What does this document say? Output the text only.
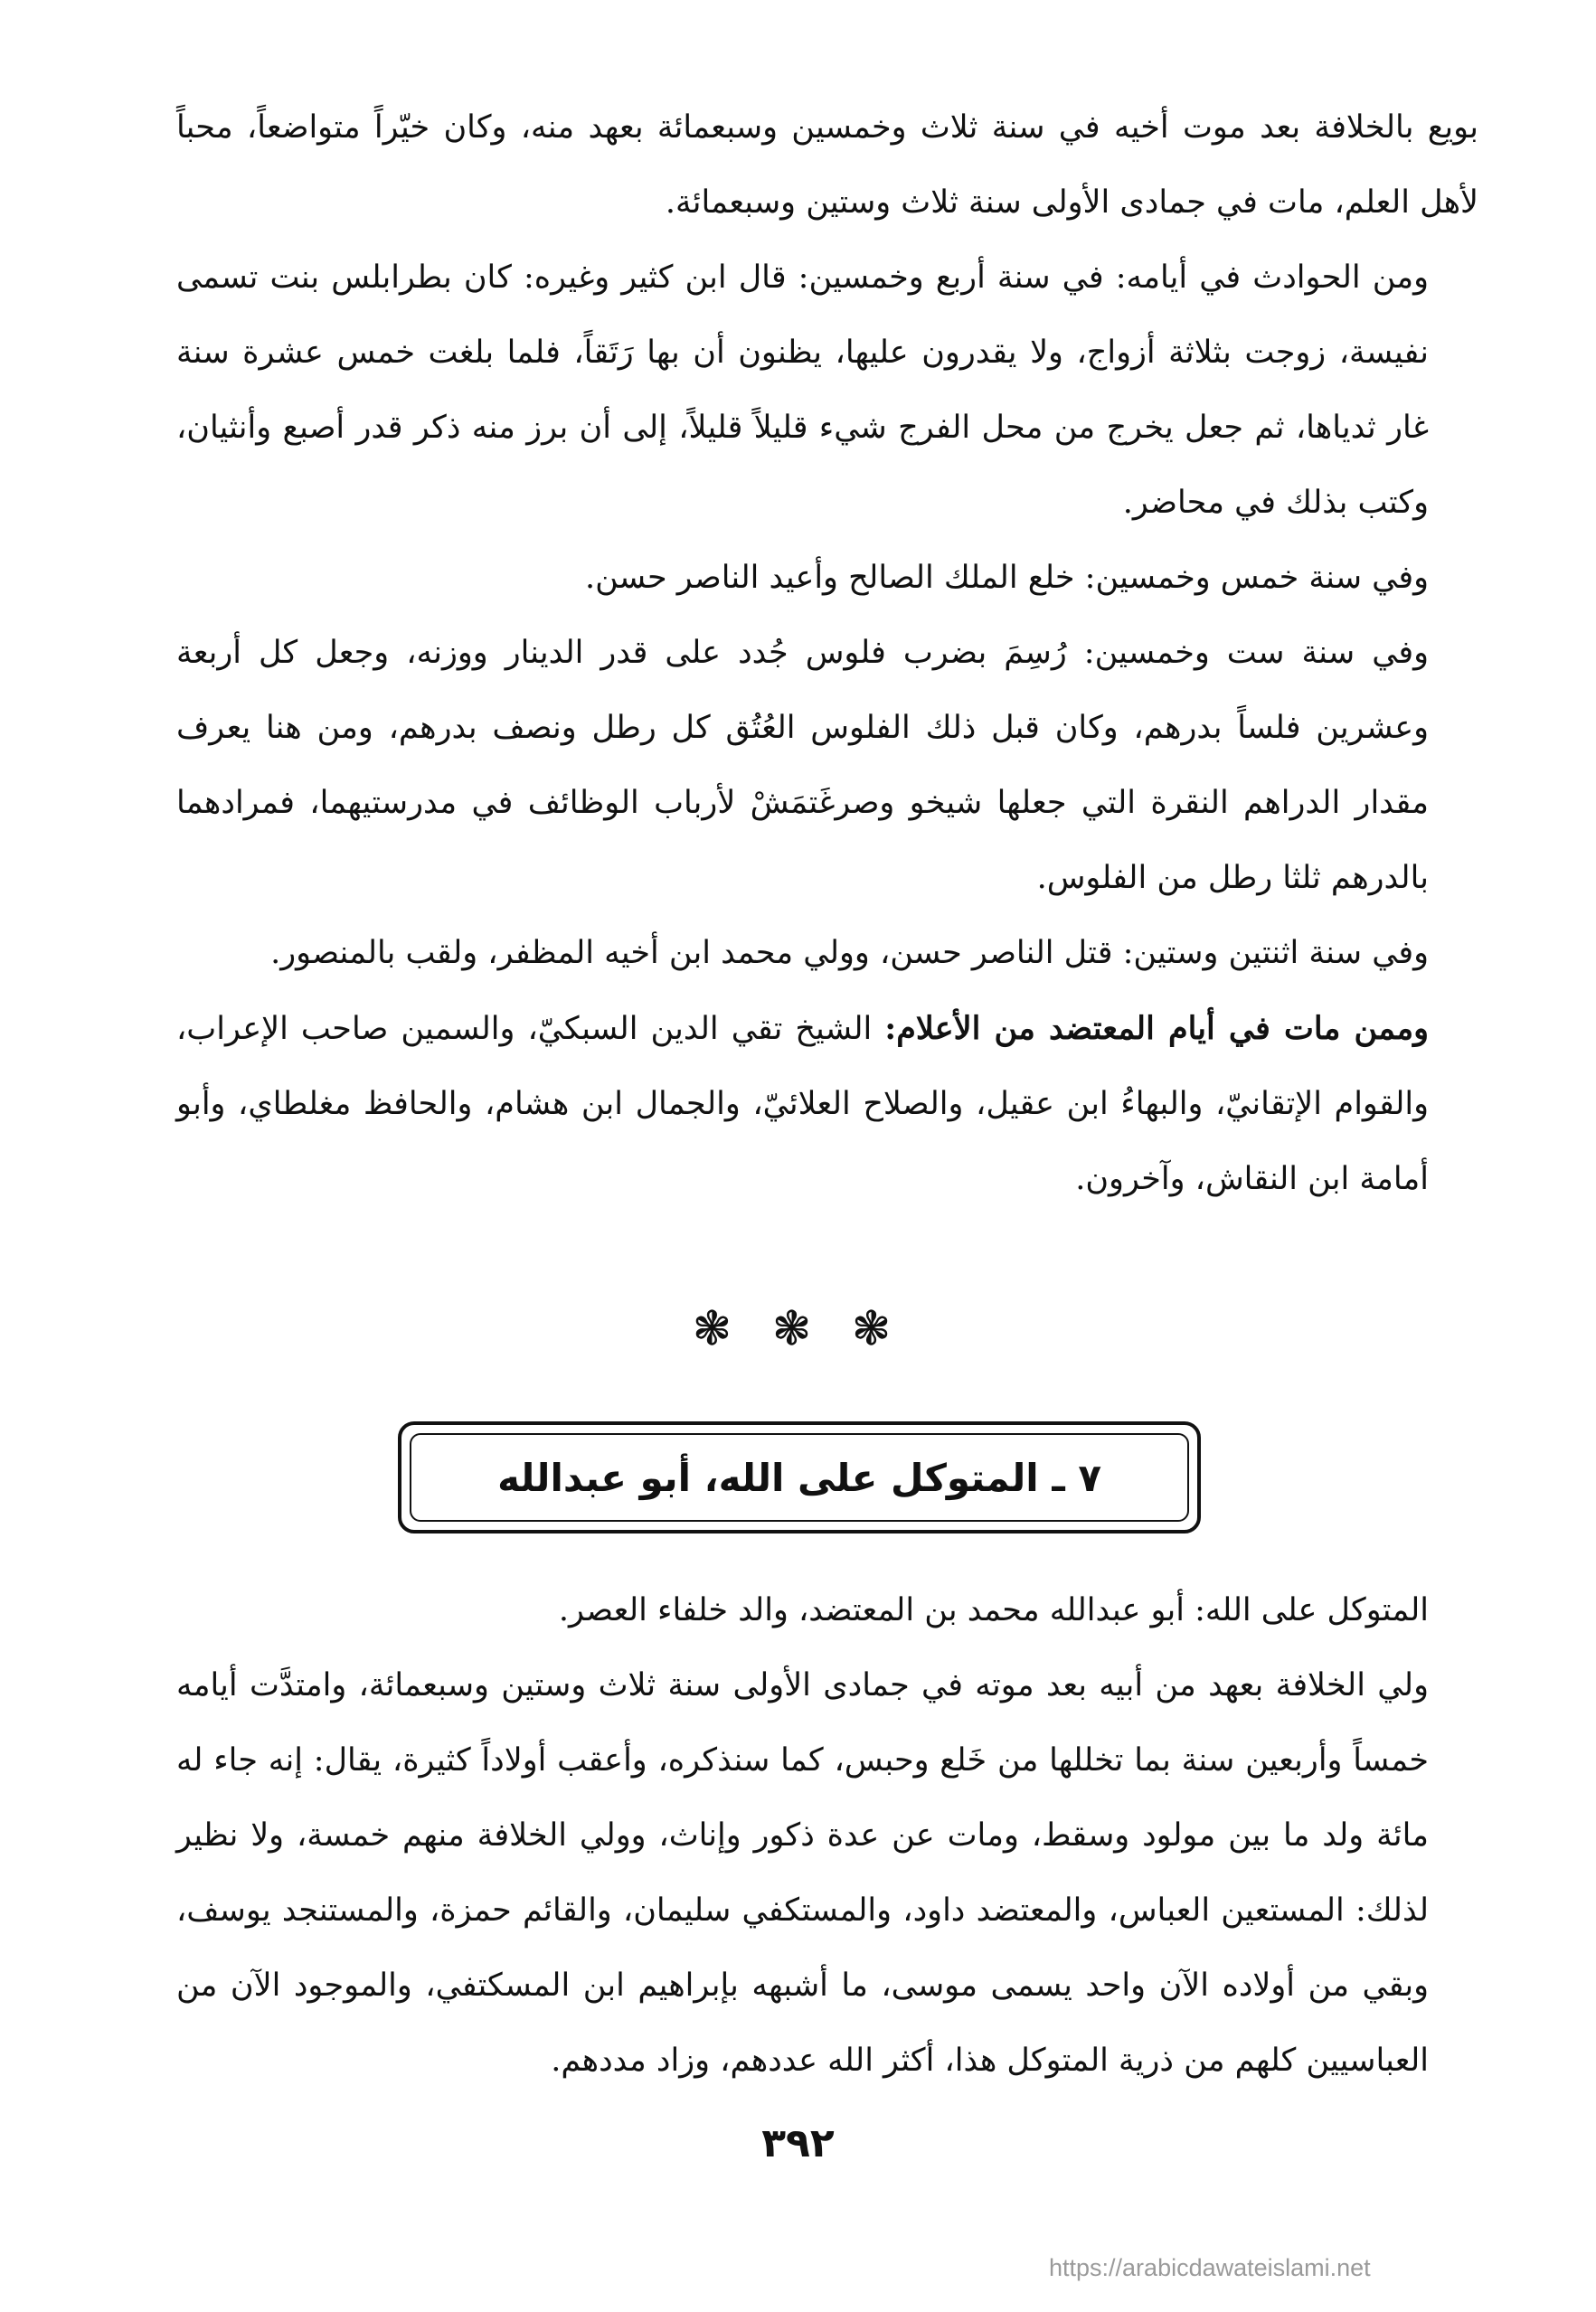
بويع بالخلافة بعد موت أخيه في سنة ثلاث وخمسين وسبعمائة بعهد منه، وكان خيّراً متواضعاً، محباً لأهل العلم، مات في جمادى الأولى سنة ثلاث وستين وسبعمائة.

ومن الحوادث في أيامه: في سنة أربع وخمسين: قال ابن كثير وغيره: كان بطرابلس بنت تسمى نفيسة، زوجت بثلاثة أزواج، ولا يقدرون عليها، يظنون أن بها رَتَقاً، فلما بلغت خمس عشرة سنة غار ثدياها، ثم جعل يخرج من محل الفرج شيء قليلاً قليلاً، إلى أن برز منه ذكر قدر أصبع وأنثيان، وكتب بذلك في محاضر.

وفي سنة خمس وخمسين: خلع الملك الصالح وأعيد الناصر حسن.

وفي سنة ست وخمسين: رُسِمَ بضرب فلوس جُدد على قدر الدينار ووزنه، وجعل كل أربعة وعشرين فلساً بدرهم، وكان قبل ذلك الفلوس العُتُق كل رطل ونصف بدرهم، ومن هنا يعرف مقدار الدراهم النقرة التي جعلها شيخو وصرغَتمَشْ لأرباب الوظائف في مدرستيهما، فمرادهما بالدرهم ثلثا رطل من الفلوس.

وفي سنة اثنتين وستين: قتل الناصر حسن، وولي محمد ابن أخيه المظفر، ولقب بالمنصور.

وممن مات في أيام المعتضد من الأعلام: الشيخ تقي الدين السبكيّ، والسمين صاحب الإعراب، والقوام الإتقانيّ، والبهاءُ ابن عقيل، والصلاح العلائيّ، والجمال ابن هشام، والحافظ مغلطاي، وأبو أمامة ابن النقاش، وآخرون.

❃ ❃ ❃
٧ ـ المتوكل على الله، أبو عبدالله

المتوكل على الله: أبو عبدالله محمد بن المعتضد، والد خلفاء العصر.

ولي الخلافة بعهد من أبيه بعد موته في جمادى الأولى سنة ثلاث وستين وسبعمائة، وامتدَّت أيامه خمساً وأربعين سنة بما تخللها من خَلع وحبس، كما سنذكره، وأعقب أولاداً كثيرة، يقال: إنه جاء له مائة ولد ما بين مولود وسقط، ومات عن عدة ذكور وإناث، وولي الخلافة منهم خمسة، ولا نظير لذلك: المستعين العباس، والمعتضد داود، والمستكفي سليمان، والقائم حمزة، والمستنجد يوسف، وبقي من أولاده الآن واحد يسمى موسى، ما أشبهه بإبراهيم ابن المسكتفي، والموجود الآن من العباسيين كلهم من ذرية المتوكل هذا، أكثر الله عددهم، وزاد مددهم.

٣٩٢
https://arabicdawateislami.net
